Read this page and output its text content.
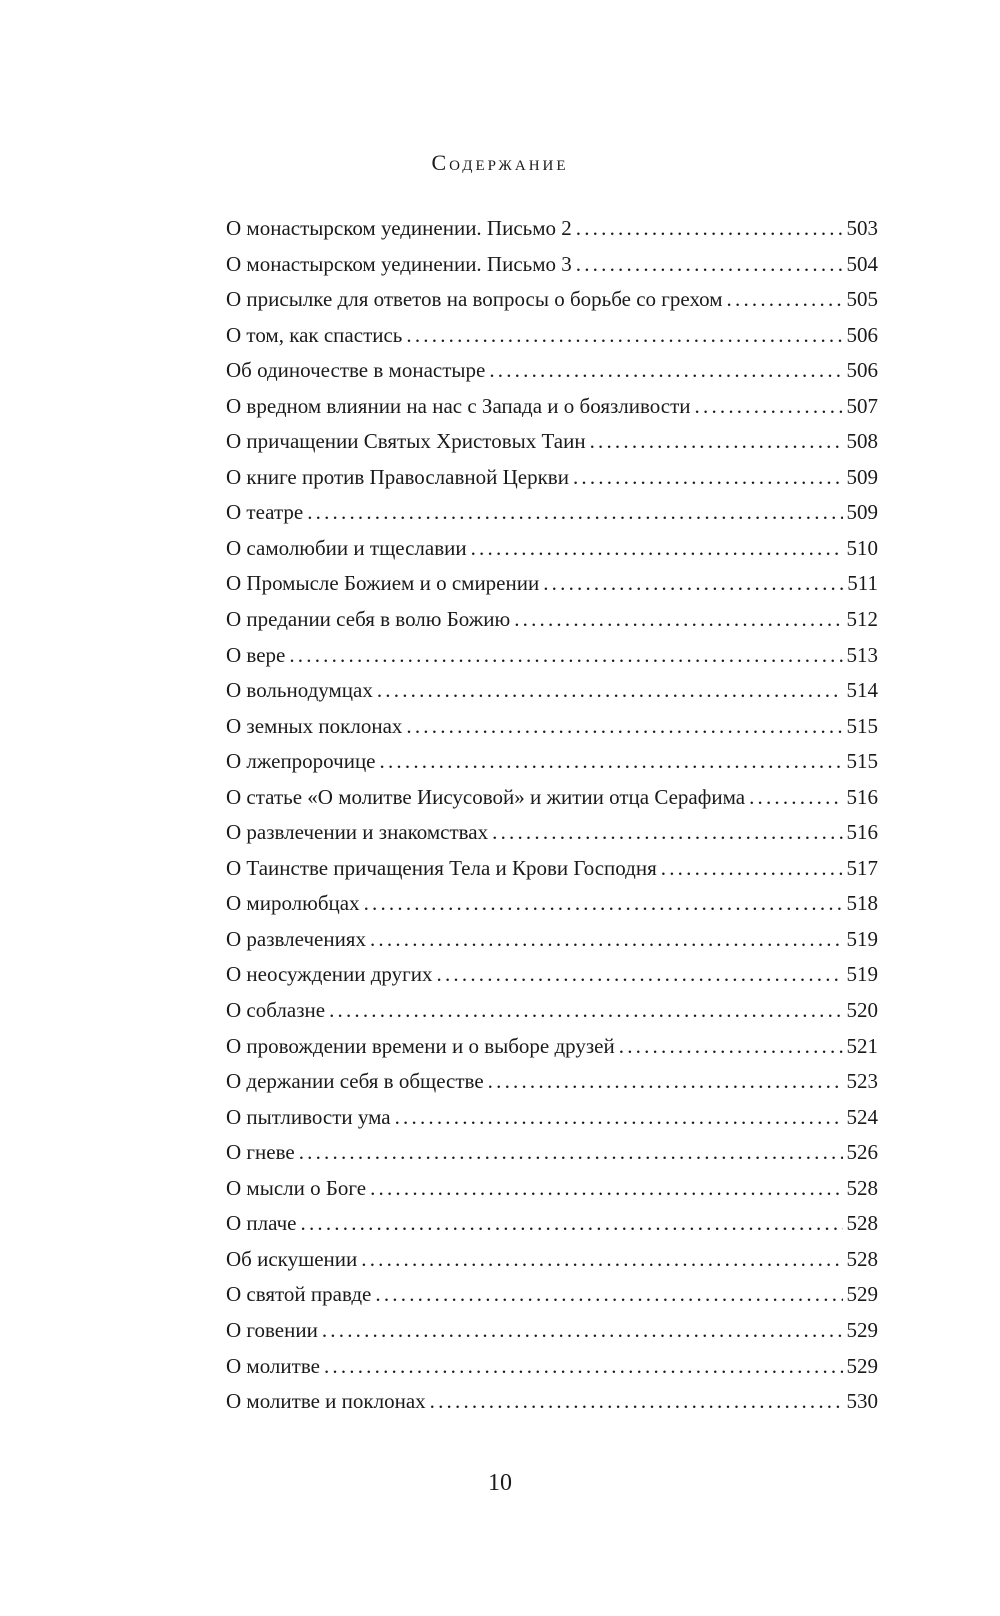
Содержание
О монастырском уединении. Письмо 2 .....	503
О монастырском уединении. Письмо 3 .....	504
О присылке для ответов на вопросы о борьбе со грехом .....	505
О том, как спастись .....	506
Об одиночестве в монастыре .....	506
О вредном влиянии на нас с Запада и о боязливости .....	507
О причащении Святых Христовых Таин .....	508
О книге против Православной Церкви .....	509
О театре .....	509
О самолюбии и тщеславии .....	510
О Промысле Божием и о смирении .....	511
О предании себя в волю Божию .....	512
О вере .....	513
О вольнодумцах .....	514
О земных поклонах .....	515
О лжепророчице .....	515
О статье «О молитве Иисусовой» и житии отца Серафима .....	516
О развлечении и знакомствах .....	516
О Таинстве причащения Тела и Крови Господня .....	517
О миролюбцах .....	518
О развлечениях .....	519
О неосуждении других .....	519
О соблазне .....	520
О провождении времени и о выборе друзей .....	521
О держании себя в обществе .....	523
О пытливости ума .....	524
О гневе .....	526
О мысли о Боге .....	528
О плаче .....	528
Об искушении .....	528
О святой правде .....	529
О говении .....	529
О молитве .....	529
О молитве и поклонах .....	530
10
